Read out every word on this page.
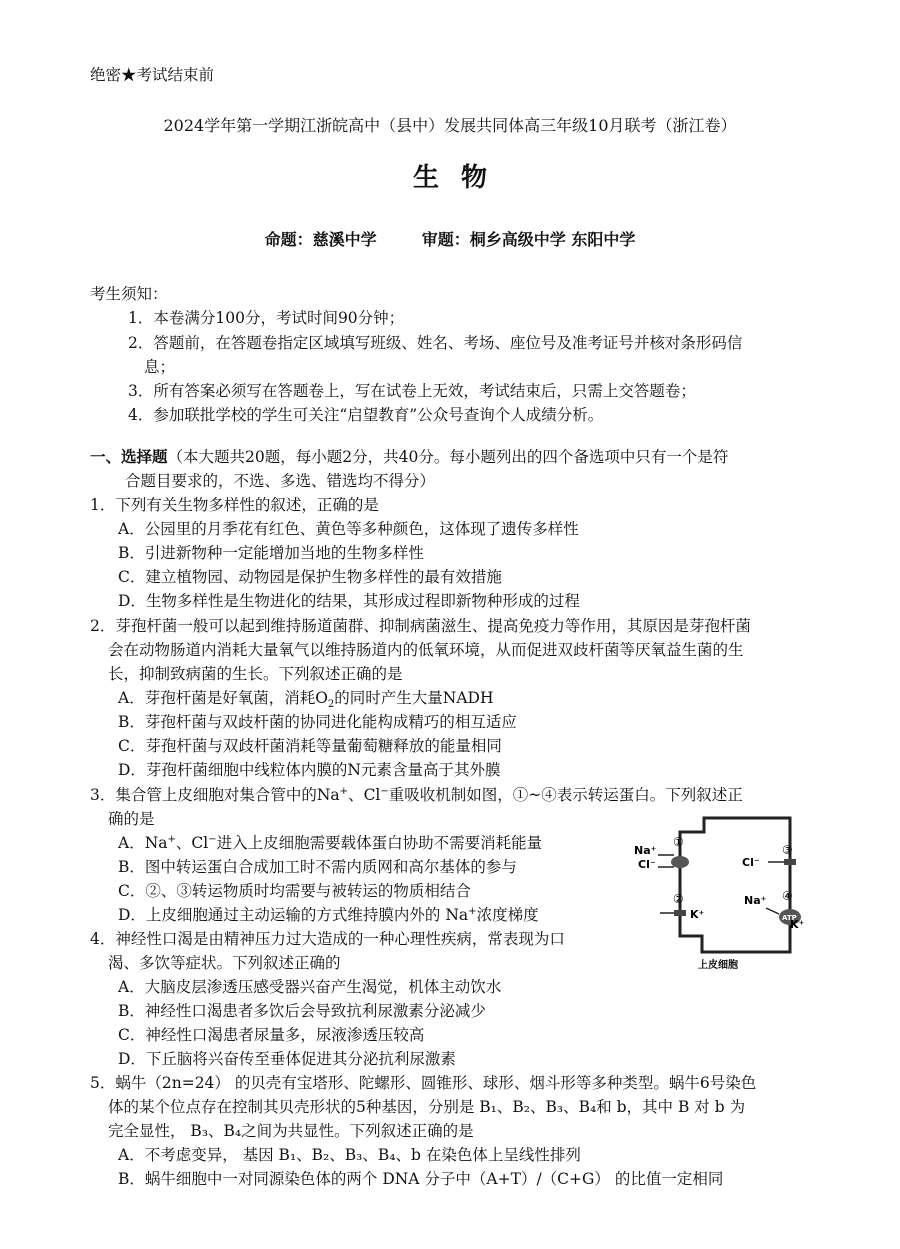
绝密★考试结束前
2024学年第一学期江浙皖高中（县中）发展共同体高三年级10月联考（浙江卷）
生物
命题：慈溪中学	审题：桐乡高级中学 东阳中学
考生须知：
1．本卷满分100分，考试时间90分钟；
2．答题前，在答题卷指定区域填写班级、姓名、考场、座位号及准考证号并核对条形码信
息；
3．所有答案必须写在答题卷上，写在试卷上无效，考试结束后，只需上交答题卷；
4．参加联批学校的学生可关注“启望教育”公众号查询个人成绩分析。
一、选择题（本大题共20题，每小题2分，共40分。每小题列出的四个备选项中只有一个是符
合题目要求的，不选、多选、错选均不得分）
1．下列有关生物多样性的叙述，正确的是
A．公园里的月季花有红色、黄色等多种颜色，这体现了遗传多样性
B．引进新物种一定能增加当地的生物多样性
C．建立植物园、动物园是保护生物多样性的最有效措施
D．生物多样性是生物进化的结果，其形成过程即新物种形成的过程
2．芽孢杆菌一般可以起到维持肠道菌群、抑制病菌滋生、提高免疫力等作用，其原因是芽孢杆菌
会在动物肠道内消耗大量氧气以维持肠道内的低氧环境，从而促进双歧杆菌等厌氧益生菌的生
长，抑制致病菌的生长。下列叙述正确的是
A．芽孢杆菌是好氧菌，消耗$O_2$的同时产生大量NADH
B．芽孢杆菌与双歧杆菌的协同进化能构成精巧的相互适应
C．芽孢杆菌与双歧杆菌消耗等量葡萄糖释放的能量相同
D．芽孢杆菌细胞中线粒体内膜的N元素含量高于其外膜
3．集合管上皮细胞对集合管中的Na+、Cl−重吸收机制如图，①~④表示转运蛋白。下列叙述正
确的是
A．Na+、Cl−进入上皮细胞需要载体蛋白协助不需要消耗能量
B．图中转运蛋白合成加工时不需内质网和高尔基体的参与
C．②、③转运物质时均需要与被转运的物质相结合
D．上皮细胞通过主动运输的方式维持膜内外的 Na+浓度梯度
Na⁺
Cl⁻
①
②
K⁺
Cl⁻
③
Na⁺ ④
ATP
K⁺
上皮细胞
4．神经性口渴是由精神压力过大造成的一种心理性疾病，常表现为口
渴、多饮等症状。下列叙述正确的
A．大脑皮层渗透压感受器兴奋产生渴觉，机体主动饮水
B．神经性口渴患者多饮后会导致抗利尿激素分泌减少
C．神经性口渴患者尿量多，尿液渗透压较高
D．下丘脑将兴奋传至垂体促进其分泌抗利尿激素
5．蜗牛（2n=24） 的贝壳有宝塔形、陀螺形、圆锥形、球形、烟斗形等多种类型。蜗牛6号染色
体的某个位点存在控制其贝壳形状的5种基因，分别是 B₁、B₂、B₃、B₄和 b，其中 B 对 b 为
完全显性， B₃、B₄之间为共显性。下列叙述正确的是
A．不考虑变异， 基因 B₁、B₂、B₃、B₄、b 在染色体上呈线性排列
B．蜗牛细胞中一对同源染色体的两个 DNA 分子中（A+T）/（C+G） 的比值一定相同
